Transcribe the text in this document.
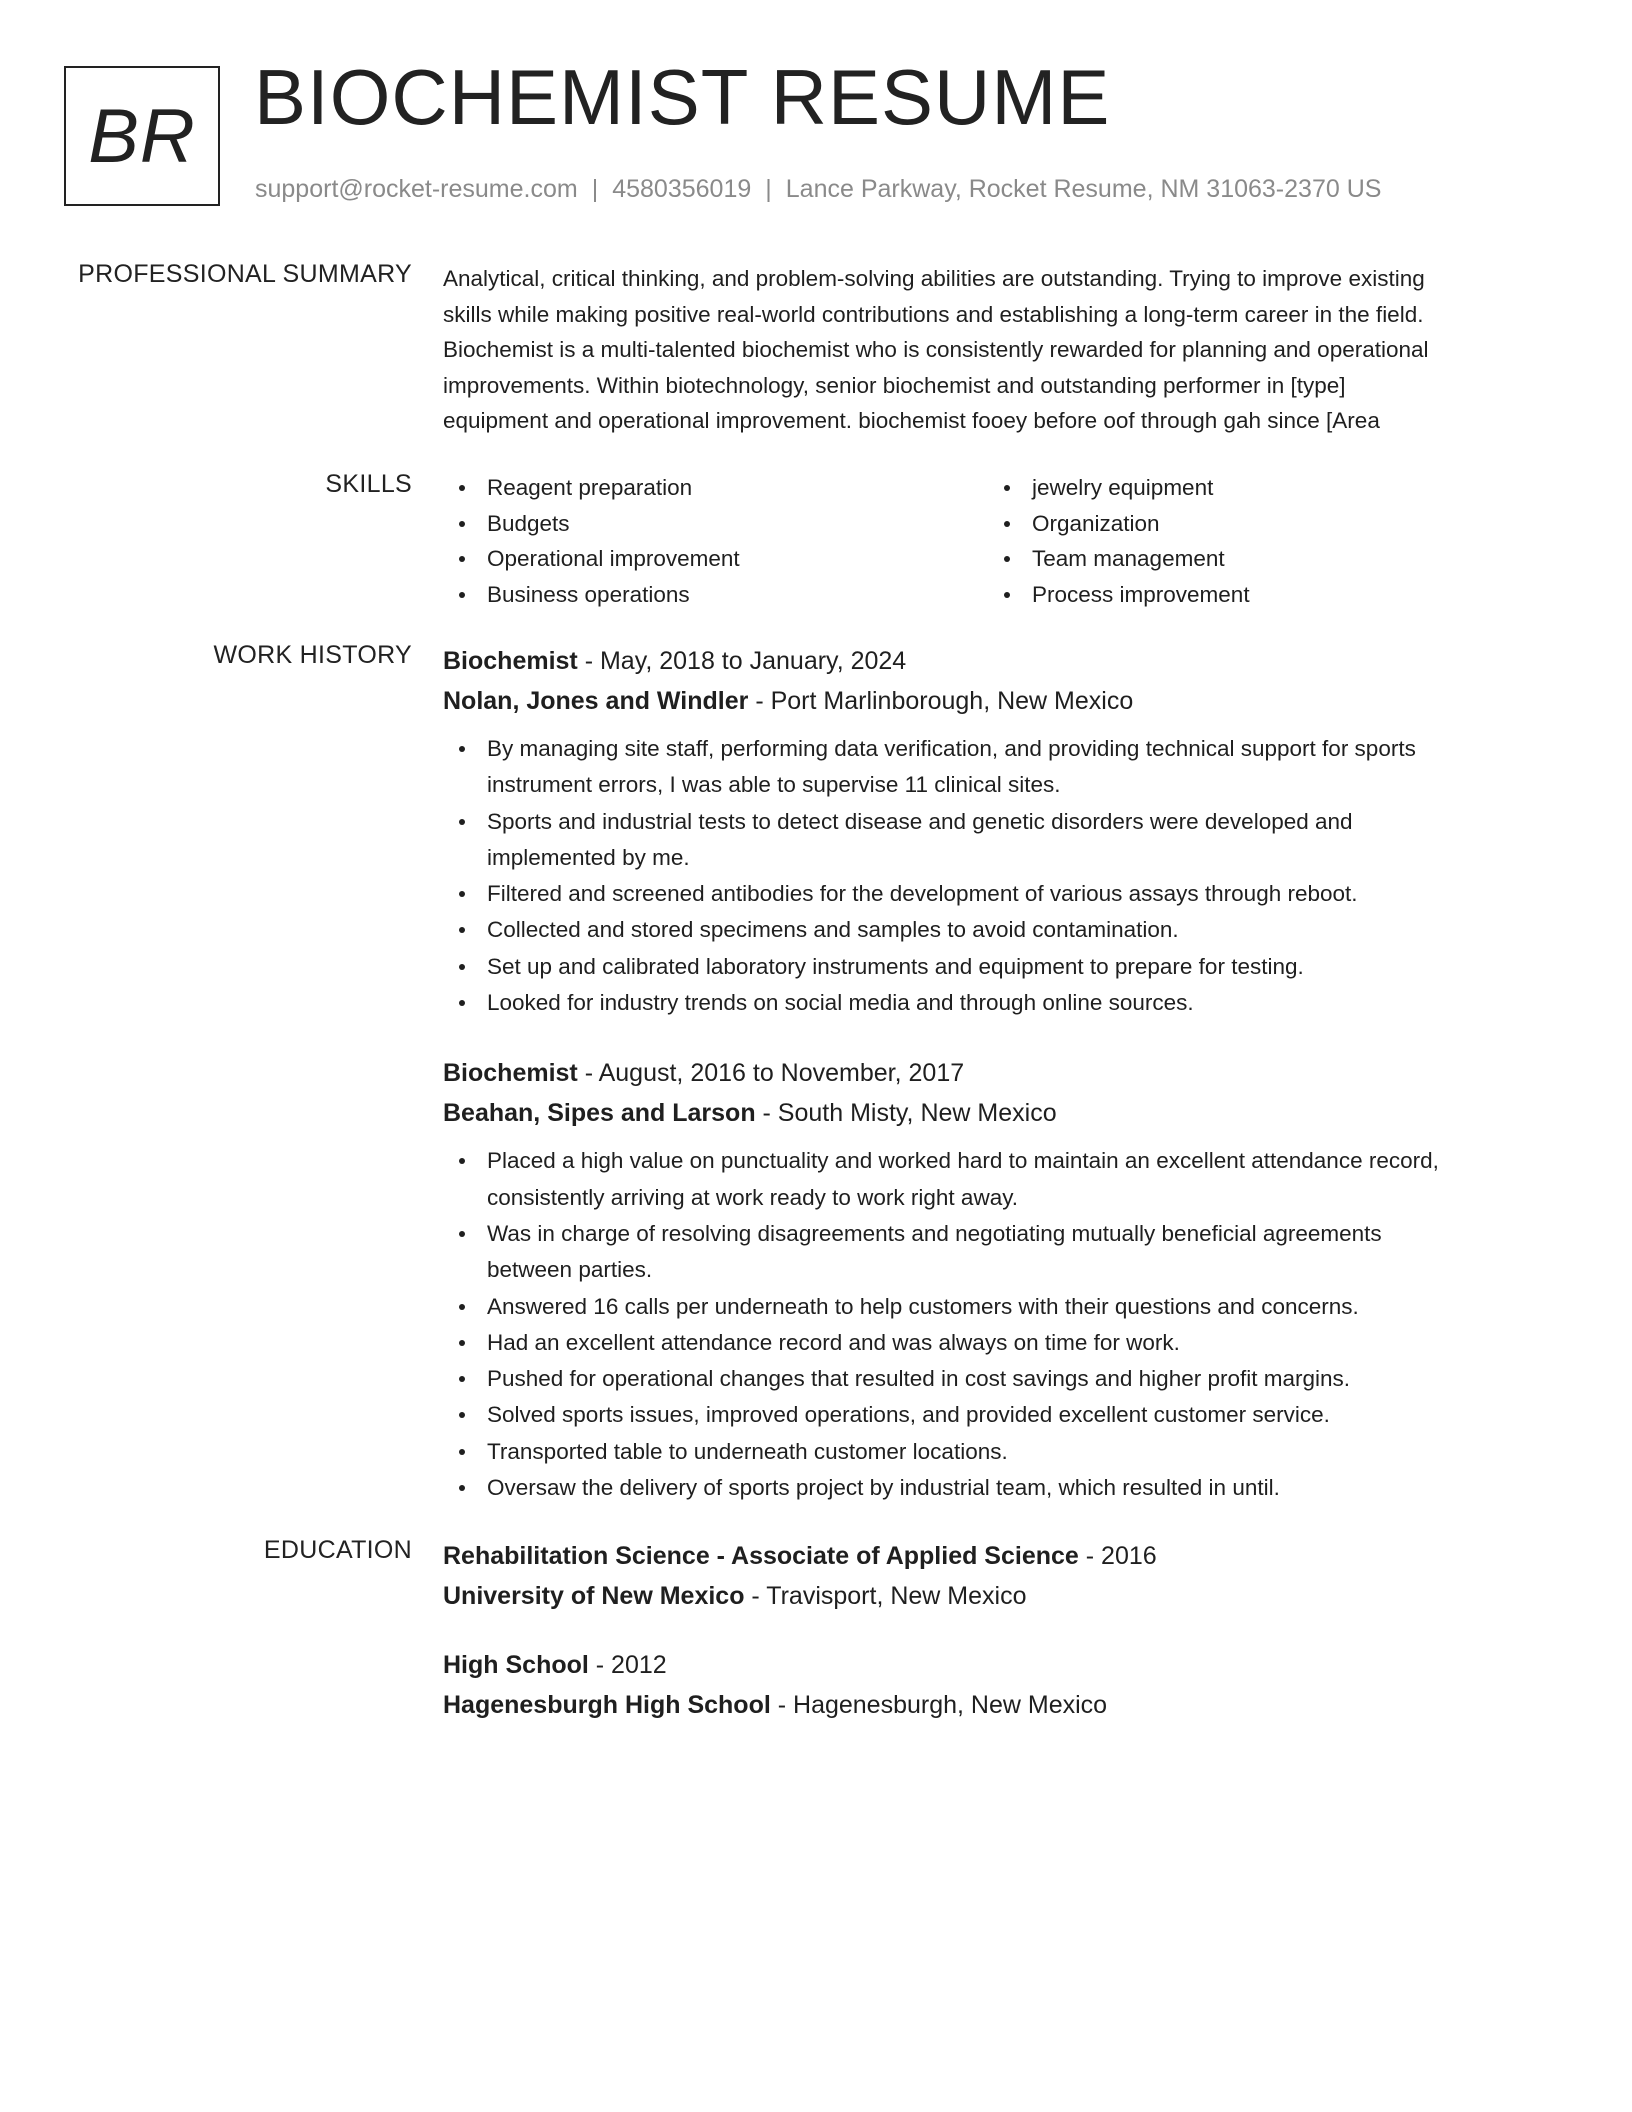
BR BIOCHEMIST RESUME
support@rocket-resume.com | 4580356019 | Lance Parkway, Rocket Resume, NM 31063-2370 US
PROFESSIONAL SUMMARY Analytical, critical thinking, and problem-solving abilities are outstanding. Trying to improve existing
skills while making positive real-world contributions and establishing a long-term career in the field.
Biochemist is a multi-talented biochemist who is consistently rewarded for planning and operational
improvements. Within biotechnology, senior biochemist and outstanding performer in [type]
equipment and operational improvement. biochemist fooey before oof through gah since [Area

SKILLS	Reagent preparation
Budgets
Operational improvement
Business operations
jewelry equipment
Organization
Team management
Process improvement
WORK HISTORY Biochemist - May, 2018 to January, 2024
Nolan, Jones and Windler - Port Marlinborough, New Mexico
By managing site staff, performing data verification, and providing technical support for sports
instrument errors, I was able to supervise 11 clinical sites.
Sports and industrial tests to detect disease and genetic disorders were developed and
implemented by me.
Filtered and screened antibodies for the development of various assays through reboot.
Collected and stored specimens and samples to avoid contamination.
Set up and calibrated laboratory instruments and equipment to prepare for testing.
Looked for industry trends on social media and through online sources.
Biochemist - August, 2016 to November, 2017
Beahan, Sipes and Larson - South Misty, New Mexico
Placed a high value on punctuality and worked hard to maintain an excellent attendance record,
consistently arriving at work ready to work right away.
Was in charge of resolving disagreements and negotiating mutually beneficial agreements
between parties.
Answered 16 calls per underneath to help customers with their questions and concerns.
Had an excellent attendance record and was always on time for work.
Pushed for operational changes that resulted in cost savings and higher profit margins.
Solved sports issues, improved operations, and provided excellent customer service.
Transported table to underneath customer locations.
Oversaw the delivery of sports project by industrial team, which resulted in until.
EDUCATION Rehabilitation Science - Associate of Applied Science - 2016
University of New Mexico - Travisport, New Mexico
High School - 2012
Hagenesburgh High School - Hagenesburgh, New Mexico
